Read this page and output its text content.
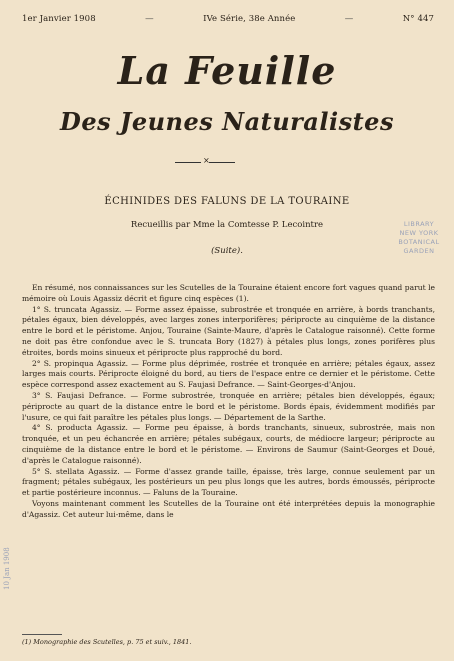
1er Janvier 1908	—	IVe Série, 38e Année	—	N° 447
La Feuille
Des Jeunes Naturalistes
×
ÉCHINIDES DES FALUNS DE LA TOURAINE
Recueillis par Mme la Comtesse P. Lecointre
(Suite).
LIBRARY
NEW YORK
BOTANICAL
GARDEN

En résumé, nos connaissances sur les Scutelles de la Touraine étaient encore fort vagues quand parut le mémoire où Louis Agassiz décrit et figure cinq espèces (1).

1° S. truncata Agassiz. — Forme assez épaisse, subrostrée et tronquée en arrière, à bords tranchants, pétales égaux, bien développés, avec larges zones interporifères; périprocte au cinquième de la distance entre le bord et le péristome. Anjou, Touraine (Sainte-Maure, d'après le Catalogue raisonné). Cette forme ne doit pas être confondue avec le S. truncata Bory (1827) à pétales plus longs, zones porifères plus étroites, bords moins sinueux et périprocte plus rapproché du bord.

2° S. propinqua Agassiz. — Forme plus déprimée, rostrée et tronquée en arrière; pétales égaux, assez larges mais courts. Périprocte éloigné du bord, au tiers de l'espace entre ce dernier et le péristome. Cette espèce correspond assez exactement au S. Faujasi Defrance. — Saint-Georges-d'Anjou.

3° S. Faujasi Defrance. — Forme subrostrée, tronquée en arrière; pétales bien développés, égaux; périprocte au quart de la distance entre le bord et le péristome. Bords épais, évidemment modifiés par l'usure, ce qui fait paraître les pétales plus longs. — Département de la Sarthe.

4° S. producta Agassiz. — Forme peu épaisse, à bords tranchants, sinueux, subrostrée, mais non tronquée, et un peu échancrée en arrière; pétales subégaux, courts, de médiocre largeur; périprocte au cinquième de la distance entre le bord et le péristome. — Environs de Saumur (Saint-Georges et Doué, d'après le Catalogue raisonné).

5° S. stellata Agassiz. — Forme d'assez grande taille, épaisse, très large, connue seulement par un fragment; pétales subégaux, les postérieurs un peu plus longs que les autres, bords émoussés, périprocte et partie postérieure inconnus. — Faluns de la Touraine.

Voyons maintenant comment les Scutelles de la Touraine ont été interprétées depuis la monographie d'Agassiz. Cet auteur lui-même, dans le

(1) Monographie des Scutelles, p. 75 et suiv., 1841.
10 Jan 1908
